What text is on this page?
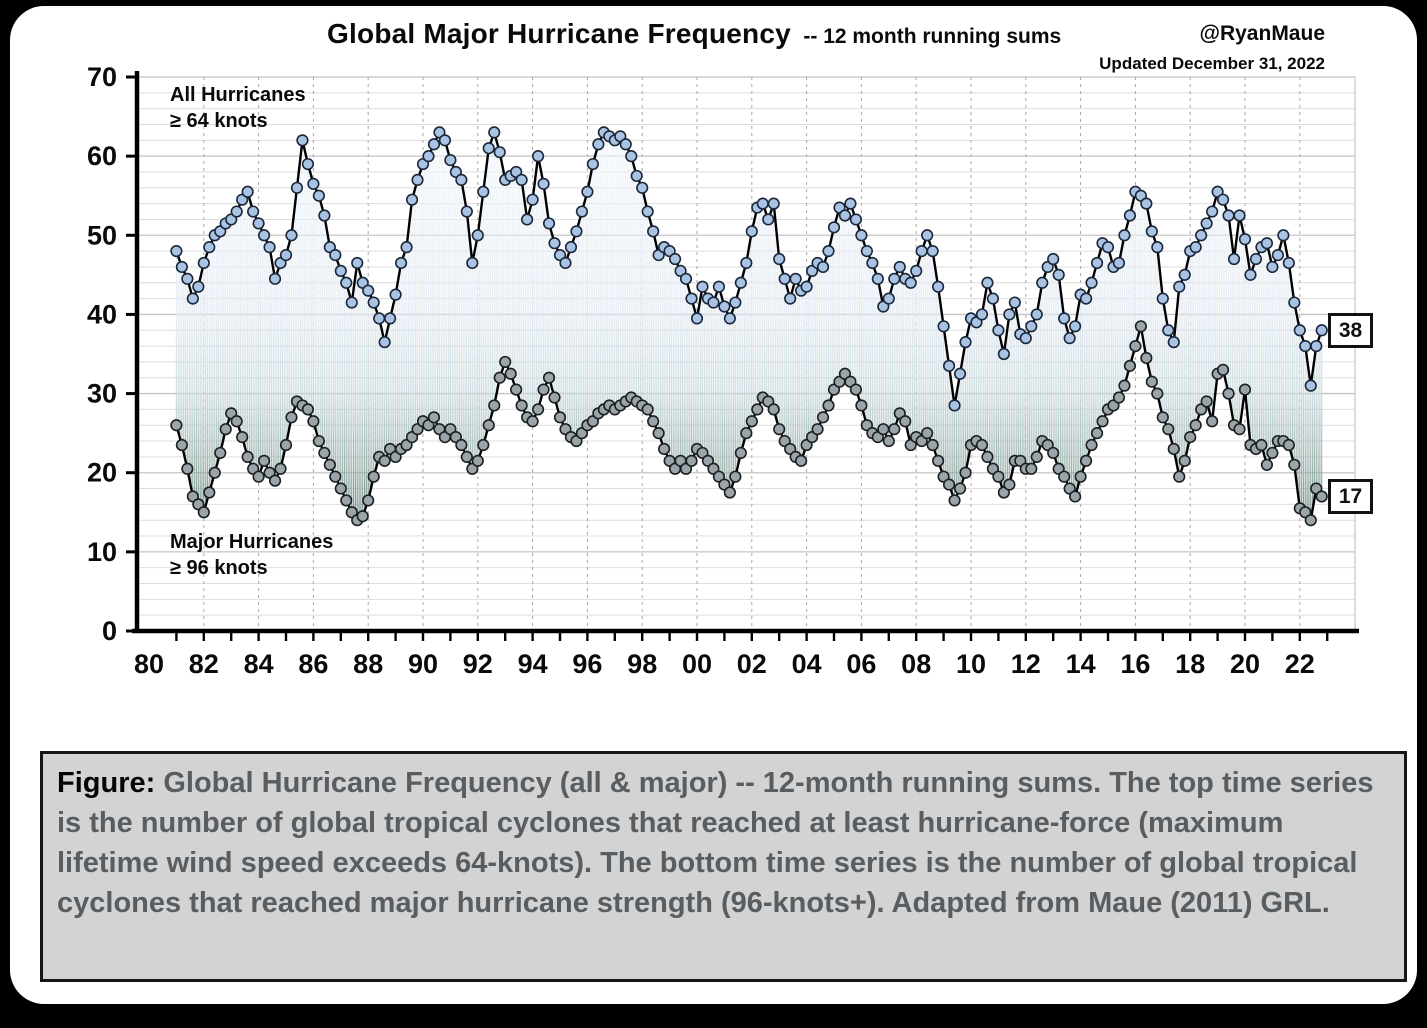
0
10
20
30
40
50
60
70
80 82 84 86 88 90 92 94 96 98 00 02 04 06 08 10 12 14 16 18 20 22
Global Major Hurricane Frequency -- 12 month running sums	@RyanMaue
Updated December 31, 2022
All Hurricanes
≥ 64 knots
Major Hurricanes
≥ 96 knots
38
17
Figure: Global Hurricane Frequency (all & major) -- 12-month running sums. The top time series is the number of global tropical cyclones that reached at least hurricane-force (maximum lifetime wind speed exceeds 64-knots). The bottom time series is the number of global tropical cyclones that reached major hurricane strength (96-knots+). Adapted from Maue (2011) GRL.
